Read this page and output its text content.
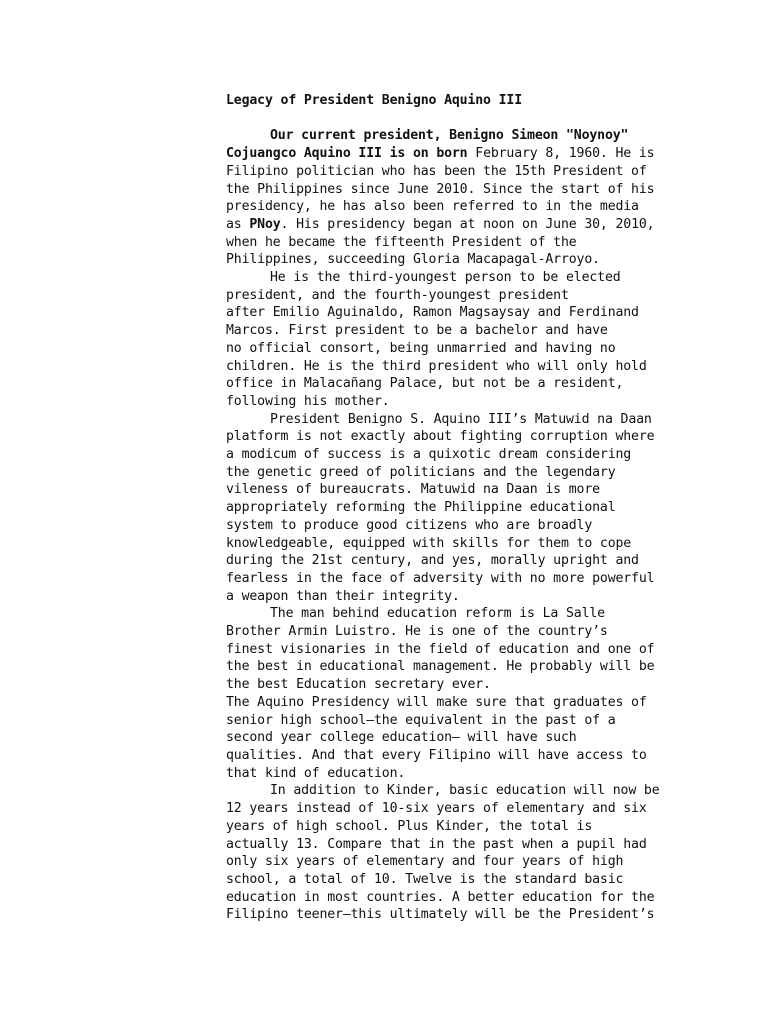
Legacy of President Benigno Aquino III
Our current president, Benigno Simeon "Noynoy"
Cojuangco Aquino III is on born February 8, 1960. He is
Filipino politician who has been the 15th President of
the Philippines since June 2010. Since the start of his
presidency, he has also been referred to in the media
as PNoy. His presidency began at noon on June 30, 2010,
when he became the fifteenth President of the
Philippines, succeeding Gloria Macapagal-Arroyo.
He is the third-youngest person to be elected
president, and the fourth-youngest president
after Emilio Aguinaldo, Ramon Magsaysay and Ferdinand
Marcos. First president to be a bachelor and have
no official consort, being unmarried and having no
children. He is the third president who will only hold
office in Malacañang Palace, but not be a resident,
following his mother.
President Benigno S. Aquino III’s Matuwid na Daan
platform is not exactly about fighting corruption where
a modicum of success is a quixotic dream considering
the genetic greed of politicians and the legendary
vileness of bureaucrats. Matuwid na Daan is more
appropriately reforming the Philippine educational
system to produce good citizens who are broadly
knowledgeable, equipped with skills for them to cope
during the 21st century, and yes, morally upright and
fearless in the face of adversity with no more powerful
a weapon than their integrity.
The man behind education reform is La Salle
Brother Armin Luistro. He is one of the country’s
finest visionaries in the field of education and one of
the best in educational management. He probably will be
the best Education secretary ever.
The Aquino Presidency will make sure that graduates of
senior high school—the equivalent in the past of a
second year college education— will have such
qualities. And that every Filipino will have access to
that kind of education.
In addition to Kinder, basic education will now be
12 years instead of 10-six years of elementary and six
years of high school. Plus Kinder, the total is
actually 13. Compare that in the past when a pupil had
only six years of elementary and four years of high
school, a total of 10. Twelve is the standard basic
education in most countries. A better education for the
Filipino teener—this ultimately will be the President’s
